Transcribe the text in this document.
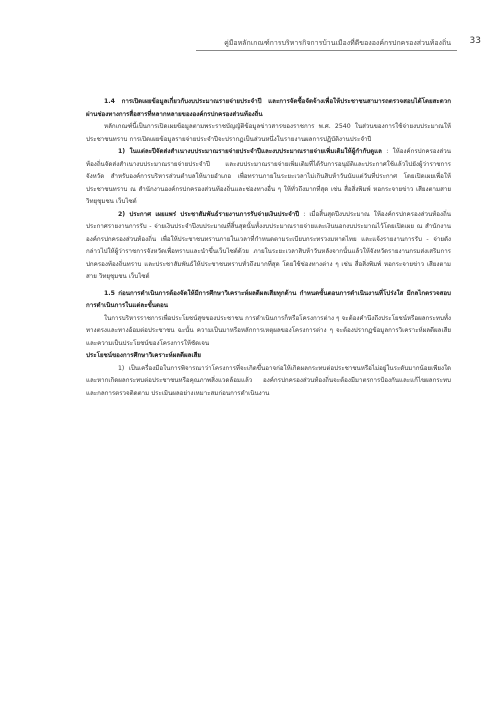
คู่มือหลักเกณฑ์การบริหารกิจการบ้านเมืองที่ดีขององค์กรปกครองส่วนท้องถิ่น 33

1.4 การเปิดเผยข้อมูลเกี่ยวกับงบประมาณรายจ่ายประจำปี และการจัดซื้อจัดจ้างเพื่อให้ประชาชนสามารถตรวจสอบได้โดยสะดวก ผ่านช่องทางการสื่อสารที่หลากหลายขององค์กรปกครองส่วนท้องถิ่น

หลักเกณฑ์นี้เป็นการเปิดเผยข้อมูลตามพระราชบัญญัติข้อมูลข่าวสารของราชการ พ.ศ. 2540 ในส่วนของการใช้จ่ายงบประมาณให้ประชาชนทราบ การเปิดเผยข้อมูลรายจ่ายประจำปีจะปรากฏเป็นส่วนหนึ่งในรายงานผลการปฏิบัติงานประจำปี

1) ในแต่ละปีจัดส่งสำเนางบประมาณรายจ่ายประจำปีและงบประมาณรายจ่ายเพิ่มเติมให้ผู้กำกับดูแล : ให้องค์กรปกครองส่วนท้องถิ่นจัดส่งสำเนางบประมาณรายจ่ายประจำปี และงบประมาณรายจ่ายเพิ่มเติมที่ได้รับการอนุมัติและประกาศใช้แล้วไปยังผู้ว่าราชการจังหวัด สำหรับองค์การบริหารส่วนตำบลให้นายอำเภอ เพื่อทราบภายในระยะเวลาไม่เกินสิบห้าวันนับแต่วันที่ประกาศ โดยเปิดเผยเพื่อให้ประชาชนทราบ ณ สำนักงานองค์กรปกครองส่วนท้องถิ่นและช่องทางอื่น ๆ ให้ทั่วถึงมากที่สุด เช่น สื่อสิ่งพิมพ์ หอกระจายข่าว เสียงตามสาย วิทยุชุมชน เว็บไซต์

2) ประกาศ เผยแพร่ ประชาสัมพันธ์รายงานการรับจ่ายเงินประจำปี : เมื่อสิ้นสุดปีงบประมาณ ให้องค์กรปกครองส่วนท้องถิ่นประกาศรายงานการรับ - จ่ายเงินประจำปีงบประมาณที่สิ้นสุดนั้นทั้งงบประมาณรายจ่ายและเงินนอกงบประมาณไว้โดยเปิดเผย ณ สำนักงานองค์กรปกครองส่วนท้องถิ่น เพื่อให้ประชาชนทราบภายในเวลาที่กำหนดตามระเบียบกระทรวงมหาดไทย และแจ้งรายงานการรับ - จ่ายดังกล่าวไปให้ผู้ว่าราชการจังหวัดเพื่อทราบและนำขึ้นเว็บไซต์ด้วย ภายในระยะเวลาสิบห้าวันหลังจากนั้นแล้วให้จังหวัดรายงานกรมส่งเสริมการปกครองท้องถิ่นทราบ และประชาสัมพันธ์ให้ประชาชนทราบทั่วถึงมากที่สุด โดยใช้ช่องทางต่าง ๆ เช่น สื่อสิ่งพิมพ์ หอกระจายข่าว เสียงตามสาย วิทยุชุมชน เว็บไซต์

1.5 ก่อนการดำเนินการต้องจัดให้มีการศึกษาวิเคราะห์ผลดีผลเสียทุกด้าน กำหนดขั้นตอนการดำเนินงานที่โปร่งใส มีกลไกตรวจสอบการดำเนินการในแต่ละขั้นตอน

ในการบริหารราชการเพื่อประโยชน์สุขของประชาชน การดำเนินการก็หรือโครงการต่าง ๆ จะต้องคำนึงถึงประโยชน์หรือผลกระทบทั้งทางตรงและทางอ้อมต่อประชาชน ฉะนั้น ความเป็นมาหรือหลักการเหตุผลของโครงการต่าง ๆ จะต้องปรากฏข้อมูลการวิเคราะห์ผลดีผลเสียและความเป็นประโยชน์ของโครงการให้ชัดเจน

ประโยชน์ของการศึกษาวิเคราะห์ผลดีผลเสีย

1) เป็นเครื่องมือในการพิจารณาว่าโครงการที่จะเกิดขึ้นอาจก่อให้เกิดผลกระทบต่อประชาชนหรือไม่อยู่ในระดับมากน้อยเพียงใด และหากเกิดผลกระทบต่อประชาชนหรือคุณภาพสิ่งแวดล้อมแล้ว องค์กรปกครองส่วนท้องถิ่นจะต้องมีมาตรการป้องกันและแก้ไขผลกระทบ และกลการตรวจติดตาม ประเมินผลอย่างเหมาะสมก่อนการดำเนินงาน
